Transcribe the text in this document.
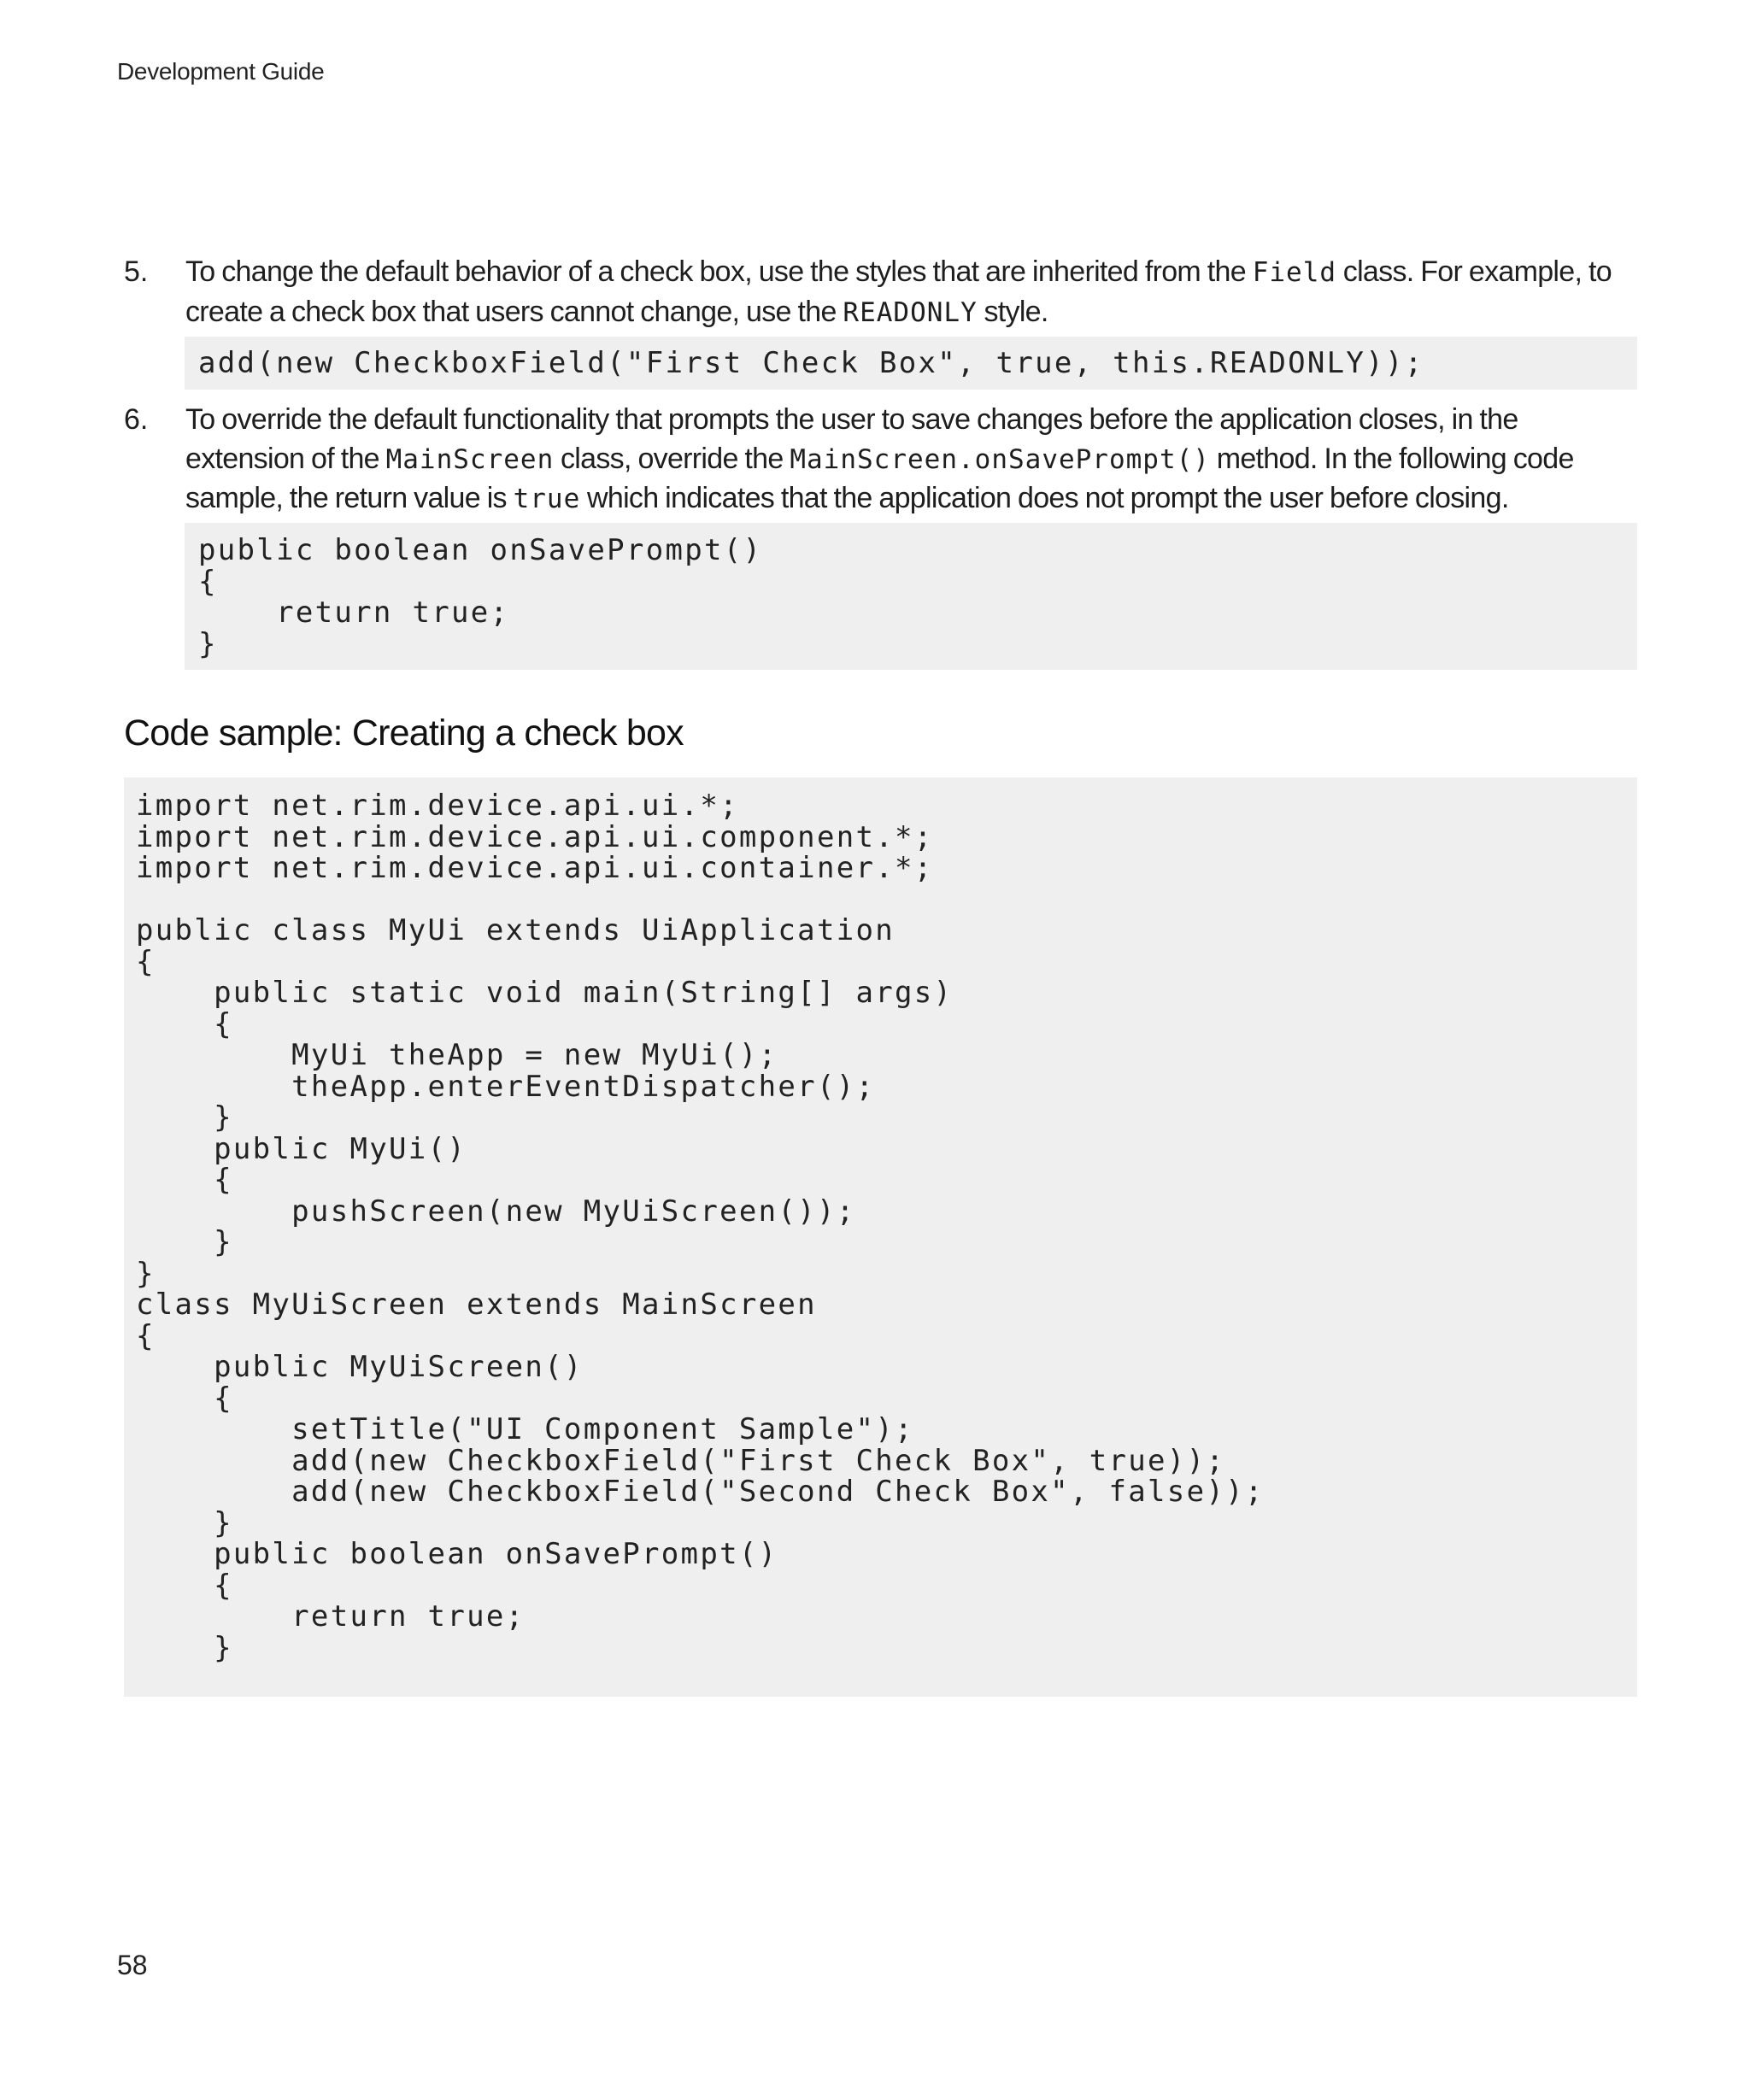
Development Guide
5. To change the default behavior of a check box, use the styles that are inherited from the Field class. For example, to create a check box that users cannot change, use the READONLY style.

add(new CheckboxField("First Check Box", true, this.READONLY));
6. To override the default functionality that prompts the user to save changes before the application closes, in the extension of the MainScreen class, override the MainScreen.onSavePrompt() method. In the following code sample, the return value is true which indicates that the application does not prompt the user before closing.

public boolean onSavePrompt()
{
return true;
}
Code sample: Creating a check box
import net.rim.device.api.ui.*;
import net.rim.device.api.ui.component.*;
import net.rim.device.api.ui.container.*;
public class MyUi extends UiApplication
{
public static void main(String[] args)
{
MyUi theApp = new MyUi();
theApp.enterEventDispatcher();
}
public MyUi()
{
pushScreen(new MyUiScreen());
}
}
class MyUiScreen extends MainScreen
{
public MyUiScreen()
{
setTitle("UI Component Sample");
add(new CheckboxField("First Check Box", true));
add(new CheckboxField("Second Check Box", false));
}
public boolean onSavePrompt()
{
return true;
}
58
